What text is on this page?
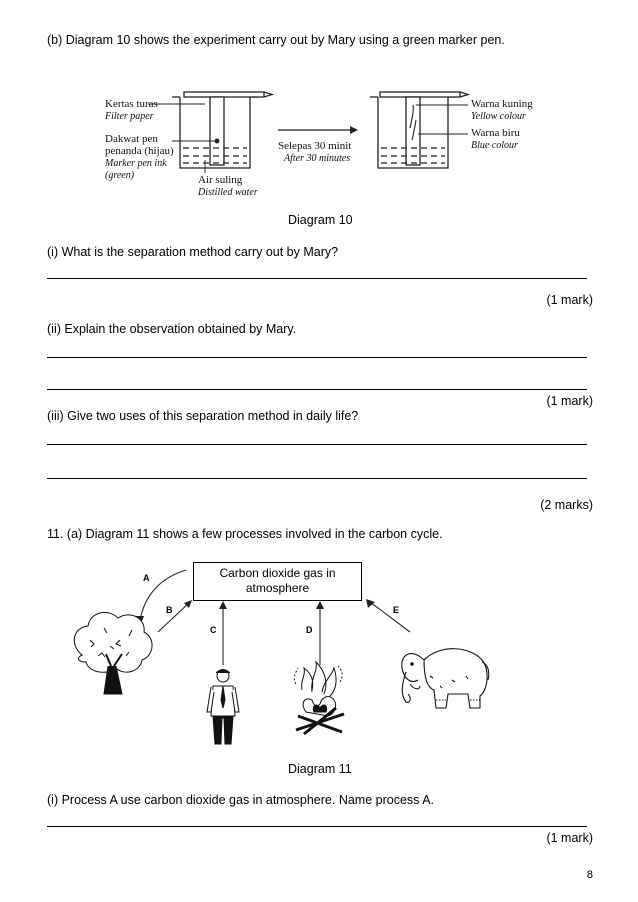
(b) Diagram 10 shows the experiment carry out by Mary using a green marker pen.
Kertas turas
Filter paper
Dakwat pen
penanda (hijau)
Marker pen ink
(green)	Air suling
Distilled water
Selepas 30 minit
After 30 minutes
Warna kuning
Yellow colour
Warna biru
Blue colour
Diagram 10
(i) What is the separation method carry out by Mary?
(1 mark)
(ii) Explain the observation obtained by Mary.
(1 mark)
(iii) Give two uses of this separation method in daily life?
(2 marks)
11. (a) Diagram 11 shows a few processes involved in the carbon cycle.
Carbon dioxide gas in
atmosphere
A
B
C	D
E
Diagram 11
(i) Process A use carbon dioxide gas in atmosphere. Name process A.
(1 mark)
8
